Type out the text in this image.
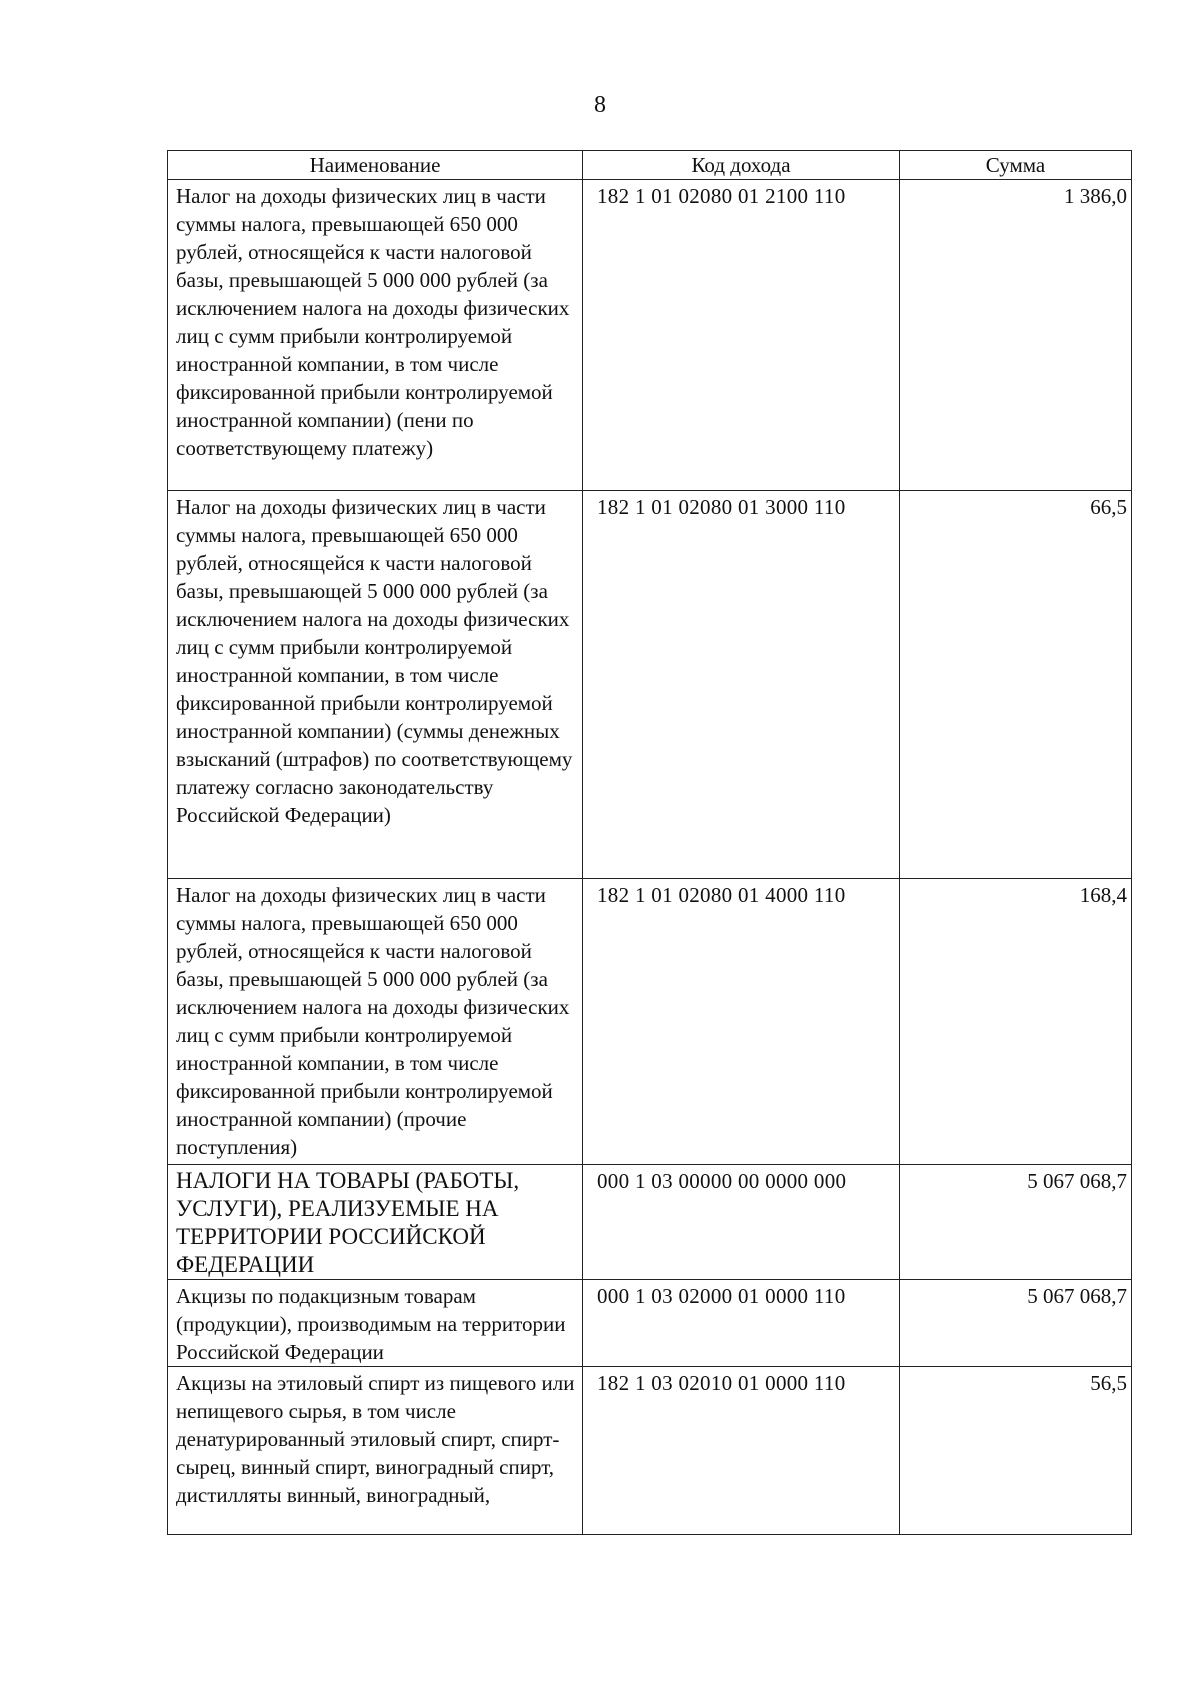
8
Наименование	Код дохода	Сумма

Налог на доходы физических лиц в части суммы налога, превышающей 650 000 рублей, относящейся к части налоговой базы, превышающей 5 000 000 рублей (за исключением налога на доходы физических лиц с сумм прибыли контролируемой иностранной компании, в том числе фиксированной прибыли контролируемой иностранной компании) (пени по соответствующему платежу)	182 1 01 02080 01 2100 110	1 386,0

Налог на доходы физических лиц в части суммы налога, превышающей 650 000 рублей, относящейся к части налоговой базы, превышающей 5 000 000 рублей (за исключением налога на доходы физических лиц с сумм прибыли контролируемой иностранной компании, в том числе фиксированной прибыли контролируемой иностранной компании) (суммы денежных взысканий (штрафов) по соответствующему платежу согласно законодательству Российской Федерации)	182 1 01 02080 01 3000 110	66,5

Налог на доходы физических лиц в части суммы налога, превышающей 650 000 рублей, относящейся к части налоговой базы, превышающей 5 000 000 рублей (за исключением налога на доходы физических лиц с сумм прибыли контролируемой иностранной компании, в том числе фиксированной прибыли контролируемой иностранной компании) (прочие поступления)	182 1 01 02080 01 4000 110	168,4

НАЛОГИ НА ТОВАРЫ (РАБОТЫ, УСЛУГИ), РЕАЛИЗУЕМЫЕ НА ТЕРРИТОРИИ РОССИЙСКОЙ ФЕДЕРАЦИИ	000 1 03 00000 00 0000 000	5 067 068,7

Акцизы по подакцизным товарам (продукции), производимым на территории Российской Федерации	000 1 03 02000 01 0000 110	5 067 068,7

Акцизы на этиловый спирт из пищевого или непищевого сырья, в том числе денатурированный этиловый спирт, спирт-сырец, винный спирт, виноградный спирт, дистилляты винный, виноградный,	182 1 03 02010 01 0000 110	56,5
